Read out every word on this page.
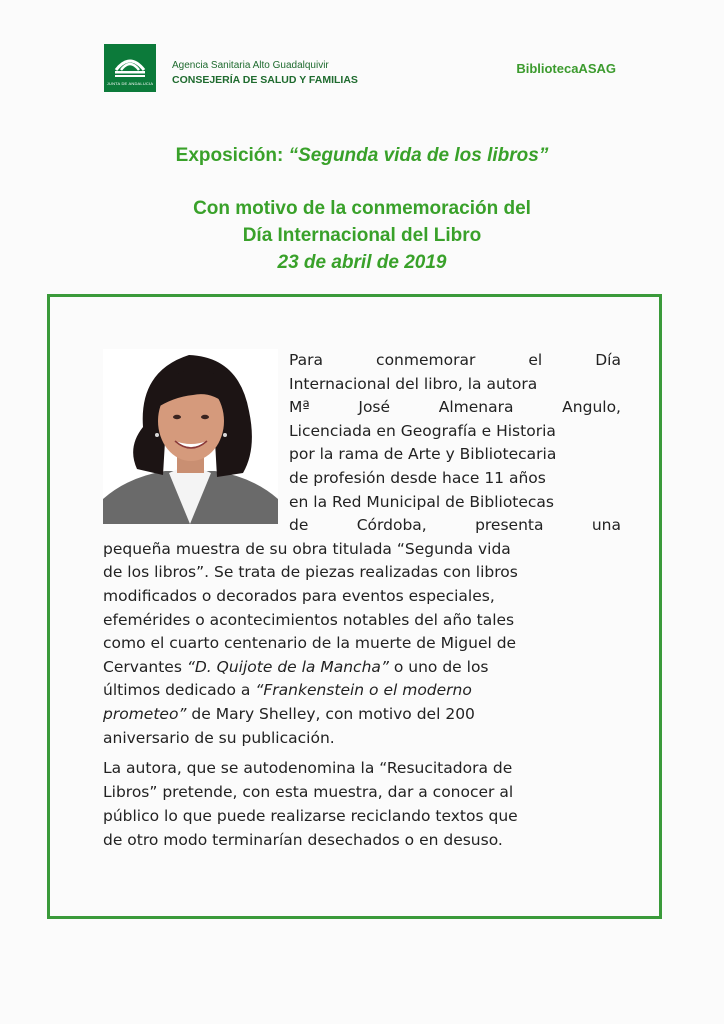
JUNTA DE ANDALUCIA
Agencia Sanitaria Alto Guadalquivir
CONSEJERÍA DE SALUD Y FAMILIAS
BibliotecaASAG
Exposición: “Segunda vida de los libros”
Con motivo de la conmemoración del
Día Internacional del Libro
23 de abril de 2019
Para	conmemorar	el	Día
Internacional del libro, la autora
Mª	José	Almenara	Angulo,
Licenciada en Geografía e Historia
por la rama de Arte y Bibliotecaria
de profesión desde hace 11 años
en la Red Municipal de Bibliotecas
de	Córdoba,	presenta	una
pequeña muestra de su obra titulada “Segunda vida
de los libros”. Se trata de piezas realizadas con libros
modificados o decorados para eventos especiales,
efemérides o acontecimientos notables del año tales
como el cuarto centenario de la muerte de Miguel de
Cervantes “D. Quijote de la Mancha” o uno de los
últimos dedicado a “Frankenstein o el moderno
prometeo” de Mary Shelley, con motivo del 200
aniversario de su publicación.
La autora, que se autodenomina la “Resucitadora de
Libros” pretende, con esta muestra, dar a conocer al
público lo que puede realizarse reciclando textos que
de otro modo terminarían desechados o en desuso.
